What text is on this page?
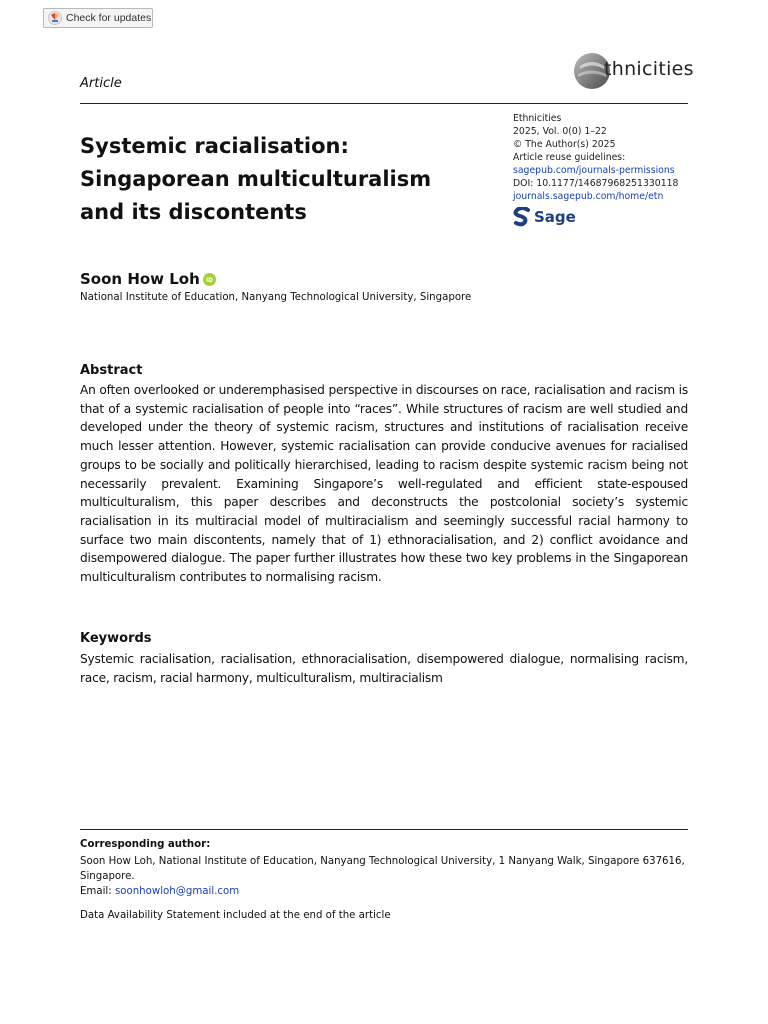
Check for updates
Article
thnicities
Systemic racialisation: Singaporean multiculturalism and its discontents
Ethnicities
2025, Vol. 0(0) 1–22
© The Author(s) 2025
Article reuse guidelines:
sagepub.com/journals-permissions
DOI: 10.1177/14687968251330118
journals.sagepub.com/home/etn
Sage
Soon How Loh iD
National Institute of Education, Nanyang Technological University, Singapore
Abstract

An often overlooked or underemphasised perspective in discourses on race, racialisation and racism is that of a systemic racialisation of people into “races”. While structures of racism are well studied and developed under the theory of systemic racism, structures and institutions of racialisation receive much lesser attention. However, systemic racialisation can provide conducive avenues for racialised groups to be socially and politically hierarchised, leading to racism despite systemic racism being not necessarily prevalent. Examining Singapore’s well-regulated and efficient state-espoused multiculturalism, this paper describes and deconstructs the postcolonial society’s systemic racialisation in its multiracial model of multiracialism and seemingly successful racial harmony to surface two main discontents, namely that of 1) ethnoracialisation, and 2) conflict avoidance and disempowered dialogue. The paper further illustrates how these two key problems in the Singaporean multiculturalism contributes to normalising racism.

Keywords

Systemic racialisation, racialisation, ethnoracialisation, disempowered dialogue, normalising racism, race, racism, racial harmony, multiculturalism, multiracialism

Corresponding author:
Soon How Loh, National Institute of Education, Nanyang Technological University, 1 Nanyang Walk, Singapore 637616, Singapore.
Email: soonhowloh@gmail.com
Data Availability Statement included at the end of the article
